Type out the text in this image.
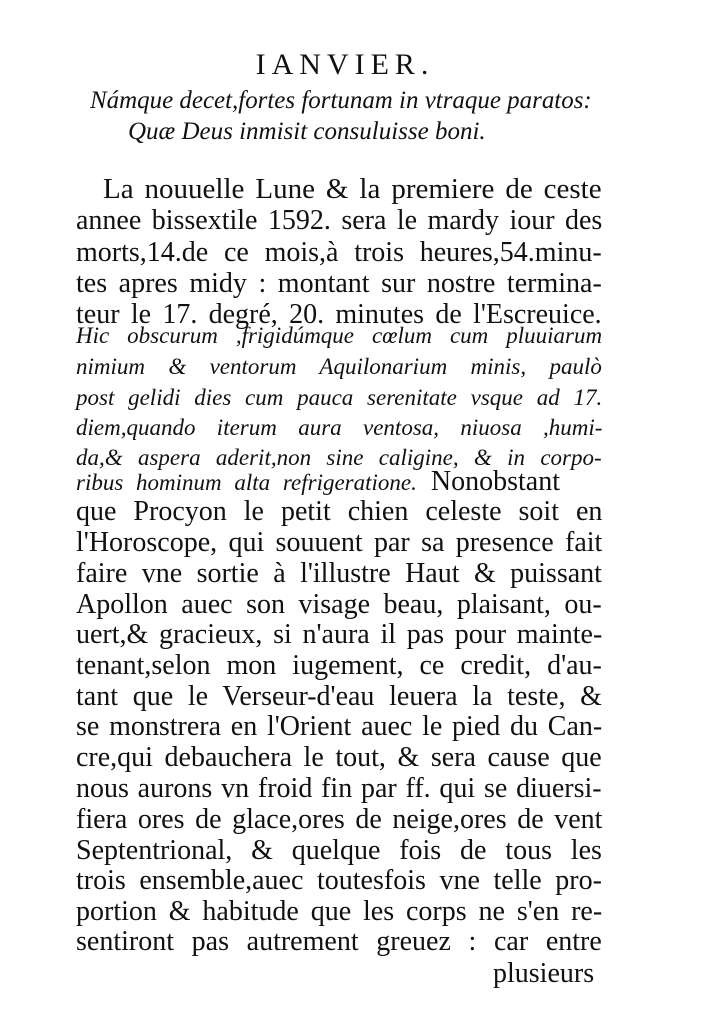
IANVIER.
Námque decet,fortes fortunam in vtraque paratos:
Quæ Deus inmisit consuluisse boni.
La nouuelle Lune & la premiere de ceste
annee bissextile 1592. sera le mardy iour des
morts,14.de ce mois,à trois heures,54.minu-
tes apres midy : montant sur nostre termina-
teur le 17. degré, 20. minutes de l'Escreuice.
Hic obscurum ,frigidúmque cœlum cum pluuiarum
nimium & ventorum Aquilonarium minis, paulò
post gelidi dies cum pauca serenitate vsque ad 17.
diem,quando iterum aura ventosa, niuosa ,humi-
da,& aspera aderit,non sine caligine, & in corpo-
ribus hominum alta refrigeratione. Nonobstant
que Procyon le petit chien celeste soit en
l'Horoscope, qui souuent par sa presence fait
faire vne sortie à l'illustre Haut & puissant
Apollon auec son visage beau, plaisant, ou-
uert,& gracieux, si n'aura il pas pour mainte-
tenant,selon mon iugement, ce credit, d'au-
tant que le Verseur-d'eau leuera la teste, &
se monstrera en l'Orient auec le pied du Can-
cre,qui debauchera le tout, & sera cause que
nous aurons vn froid fin par ff. qui se diuersi-
fiera ores de glace,ores de neige,ores de vent
Septentrional, & quelque fois de tous les
trois ensemble,auec toutesfois vne telle pro-
portion & habitude que les corps ne s'en re-
sentiront pas autrement greuez : car entre
plusieurs
